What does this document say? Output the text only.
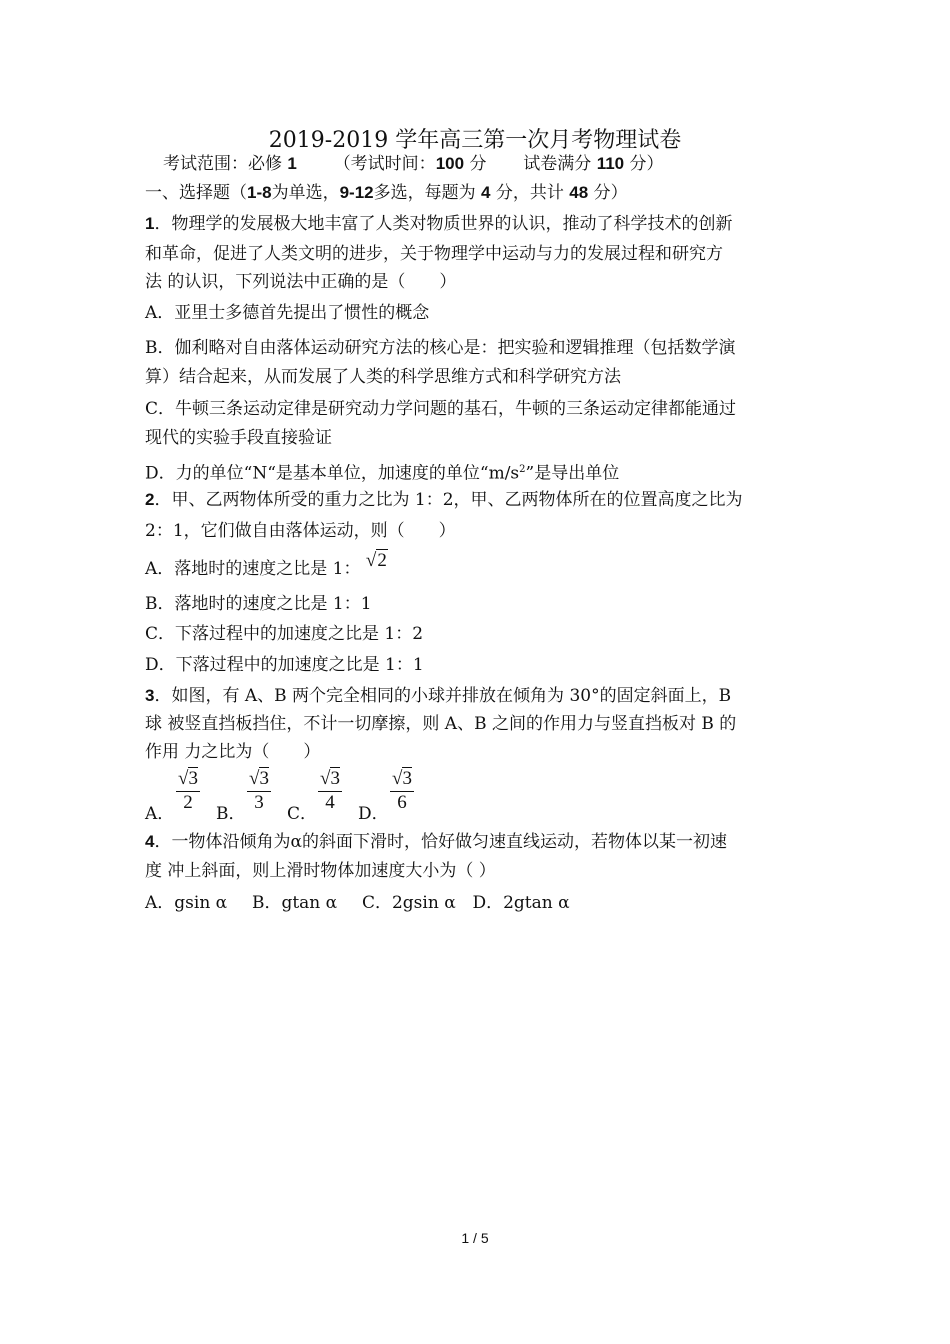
2019-2019 学年高三第一次月考物理试卷
考试范围：必修 1 （考试时间：100 分 试卷满分 110 分）
一、选择题（1-8为单选，9-12多选，每题为 4 分，共计 48 分）
1．物理学的发展极大地丰富了人类对物质世界的认识，推动了科学技术的创新
和革命，促进了人类文明的进步，关于物理学中运动与力的发展过程和研究方
法 的认识，下列说法中正确的是（　　）
A．亚里士多德首先提出了惯性的概念
B．伽利略对自由落体运动研究方法的核心是：把实验和逻辑推理（包括数学演
算）结合起来，从而发展了人类的科学思维方式和科学研究方法
C．牛顿三条运动定律是研究动力学问题的基石，牛顿的三条运动定律都能通过
现代的实验手段直接验证
D．力的单位“N“是基本单位，加速度的单位“$m/s^2$”是导出单位
2．甲、乙两物体所受的重力之比为 1：2，甲、乙两物体所在的位置高度之比为
2：1，它们做自由落体运动，则（　　）
A．落地时的速度之比是 1： √2
B．落地时的速度之比是 1：1
C．下落过程中的加速度之比是 1：2
D．下落过程中的加速度之比是 1：1
3．如图，有 A、B 两个完全相同的小球并排放在倾角为 30°的固定斜面上，B
球 被竖直挡板挡住，不计一切摩擦，则 A、B 之间的作用力与竖直挡板对 B 的
作用 力之比为（　　）
A． $\frac{√3}{2}$ B． $\frac{√3}{3}$ C． $\frac{√3}{4}$ D． $\frac{√3}{6}$
4．一物体沿倾角为α的斜面下滑时，恰好做匀速直线运动，若物体以某一初速
度 冲上斜面，则上滑时物体加速度大小为（ ）
A．gsin α B．gtan α C．2gsin α D．2gtan α
1 / 5
